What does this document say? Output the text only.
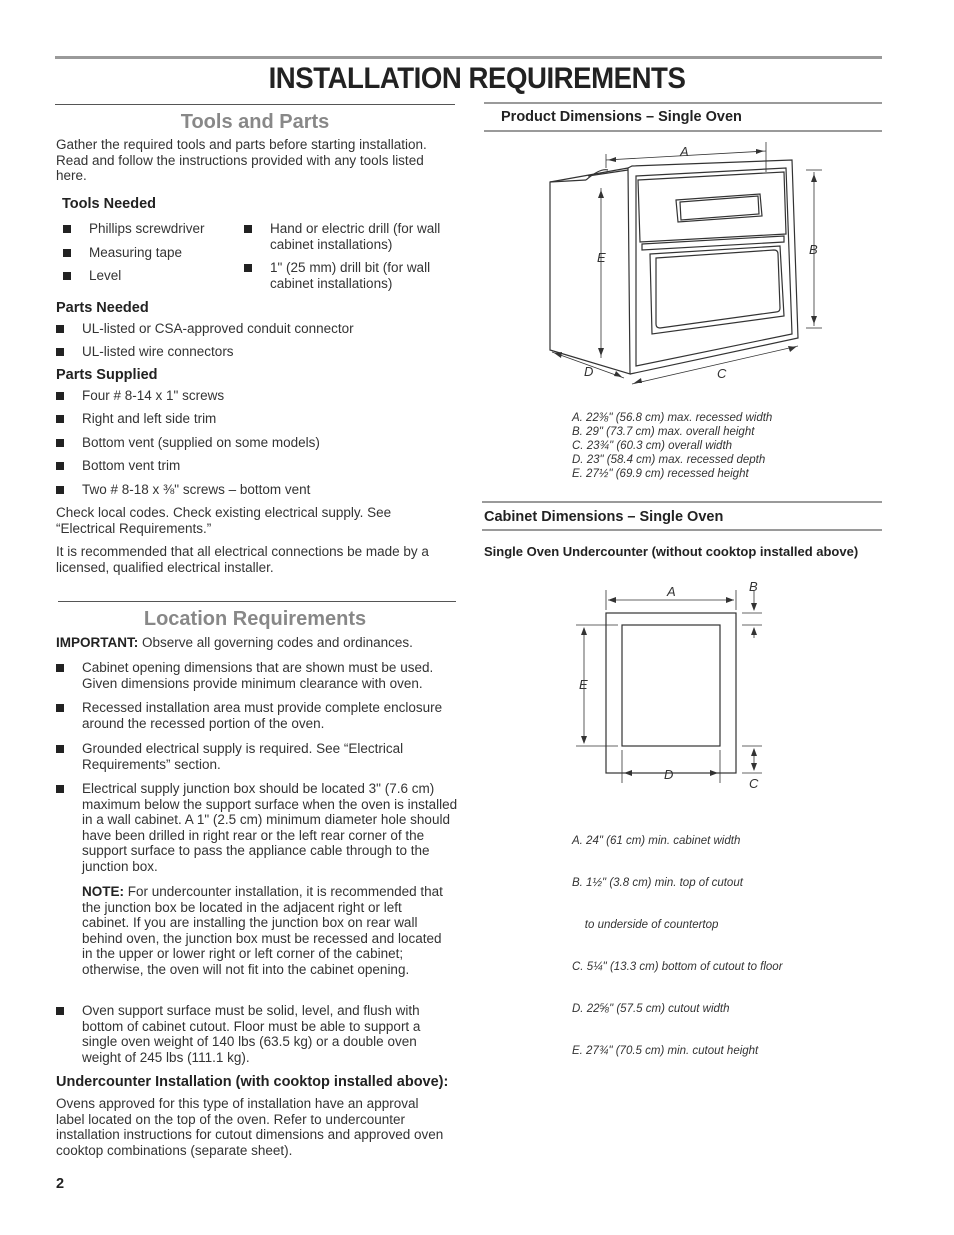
INSTALLATION REQUIREMENTS
Tools and Parts
Gather the required tools and parts before starting installation. Read and follow the instructions provided with any tools listed here.
Tools Needed
Phillips screwdriver
Measuring tape
Level
Hand or electric drill (for wall cabinet installations)
1" (25 mm) drill bit (for wall cabinet installations)
Parts Needed
UL-listed or CSA-approved conduit connector
UL-listed wire connectors
Parts Supplied
Four # 8-14 x 1" screws
Right and left side trim
Bottom vent (supplied on some models)
Bottom vent trim
Two # 8-18 x ⅜" screws – bottom vent
Check local codes. Check existing electrical supply. See “Electrical Requirements.”
It is recommended that all electrical connections be made by a licensed, qualified electrical installer.
Location Requirements
IMPORTANT: Observe all governing codes and ordinances.
Cabinet opening dimensions that are shown must be used. Given dimensions provide minimum clearance with oven.
Recessed installation area must provide complete enclosure around the recessed portion of the oven.
Grounded electrical supply is required. See “Electrical Requirements” section.
Electrical supply junction box should be located 3" (7.6 cm) maximum below the support surface when the oven is installed in a wall cabinet. A 1" (2.5 cm) minimum diameter hole should have been drilled in right rear or the left rear corner of the support surface to pass the appliance cable through to the junction box.
NOTE: For undercounter installation, it is recommended that the junction box be located in the adjacent right or left cabinet. If you are installing the junction box on rear wall behind oven, the junction box must be recessed and located in the upper or lower right or left corner of the cabinet; otherwise, the oven will not fit into the cabinet opening.
Oven support surface must be solid, level, and flush with bottom of cabinet cutout. Floor must be able to support a single oven weight of 140 lbs (63.5 kg) or a double oven weight of 245 lbs (111.1 kg).
Undercounter Installation (with cooktop installed above):
Ovens approved for this type of installation have an approval label located on the top of the oven. Refer to undercounter installation instructions for cutout dimensions and approved oven cooktop combinations (separate sheet).
2
Product Dimensions – Single Oven
A
B
E
D	C
A. 22⅜" (56.8 cm) max. recessed width
B. 29" (73.7 cm) max. overall height
C. 23¾" (60.3 cm) overall width
D. 23" (58.4 cm) max. recessed depth
E. 27½" (69.9 cm) recessed height
Cabinet Dimensions – Single Oven
Single Oven Undercounter (without cooktop installed above)
A	B
E
D
C

A. 24" (61 cm) min. cabinet width

B. 1½" (3.8 cm) min. top of cutout

to underside of countertop

C. 5¼" (13.3 cm) bottom of cutout to floor

D. 22⅝" (57.5 cm) cutout width

E. 27¾" (70.5 cm) min. cutout height
